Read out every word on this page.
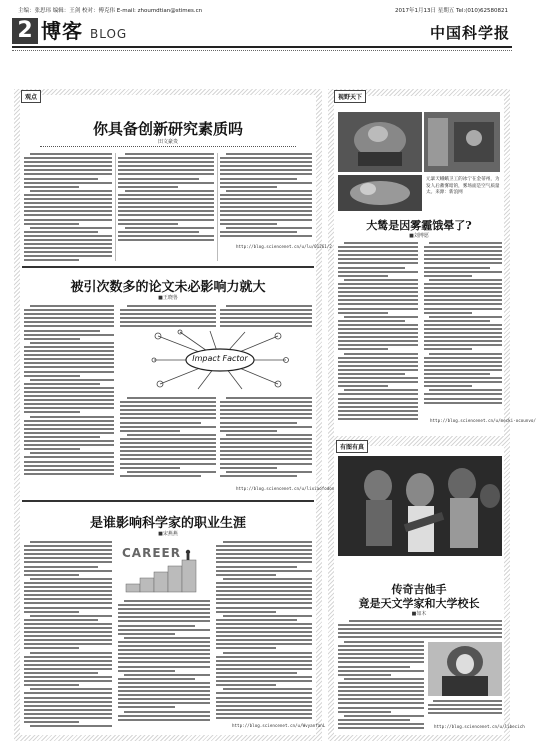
主编：张思玮 编辑：王剑 校对：傅克伟 E-mail: zhoumdtian@stimes.cn	2017年1月13日 星期五 Tel:(010)62580821
2 博客 BLOG	中国科学报
观点	视野天下
有图有真
你具备创新研究素质吗
田文豪贵
http://blog.sciencenet.cn/u/lu/01261/2
被引次数多的论文未必影响力就大
■王晓鲁
Impact Factor
http://blog.sciencenet.cn/u/lixiaofodon
是谁影响科学家的职业生涯
■宋燕燕
CAREER
http://blog.sciencenet.cn/u/WvyanfanL
元暴天蛾蛾卫工的冰宁在金蒂州，为发人后蓄雾暗的，雾场面是空气质量太。来源：新浪网
大鸶是因雾霾饿晕了?
■刘博愿
http://blog.sciencenet.cn/u/mecki-ocounvo/
传奇吉他手
竟是天文学家和大学校长
■如木
http://blog.sciencenet.cn/u/libecich
